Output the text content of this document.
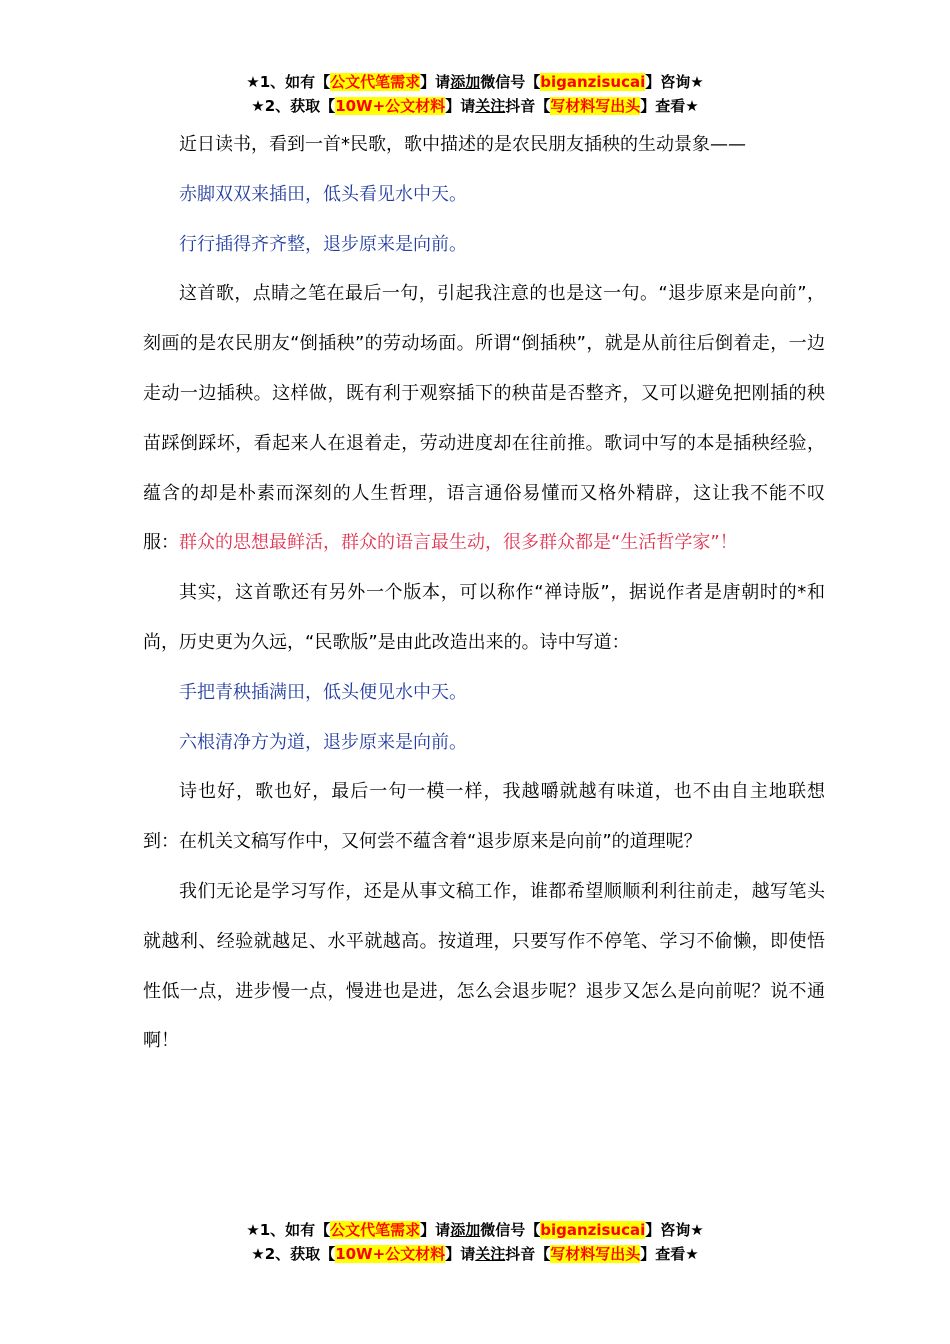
★1、如有【公文代笔需求】请添加微信号【biganzisucai】咨询★
★2、获取【10W+公文材料】请关注抖音【写材料写出头】查看★

近日读书，看到一首*民歌，歌中描述的是农民朋友插秧的生动景象——

赤脚双双来插田，低头看见水中天。

行行插得齐齐整，退步原来是向前。

这首歌，点睛之笔在最后一句，引起我注意的也是这一句。“退步原来是向前”，刻画的是农民朋友“倒插秧”的劳动场面。所谓“倒插秧”，就是从前往后倒着走，一边走动一边插秧。这样做，既有利于观察插下的秧苗是否整齐，又可以避免把刚插的秧苗踩倒踩坏，看起来人在退着走，劳动进度却在往前推。歌词中写的本是插秧经验，蕴含的却是朴素而深刻的人生哲理，语言通俗易懂而又格外精辟，这让我不能不叹服：群众的思想最鲜活，群众的语言最生动，很多群众都是“生活哲学家”！

其实，这首歌还有另外一个版本，可以称作“禅诗版”，据说作者是唐朝时的*和尚，历史更为久远，“民歌版”是由此改造出来的。诗中写道：

手把青秧插满田，低头便见水中天。

六根清净方为道，退步原来是向前。

诗也好，歌也好，最后一句一模一样，我越嚼就越有味道，也不由自主地联想到：在机关文稿写作中，又何尝不蕴含着“退步原来是向前”的道理呢？

我们无论是学习写作，还是从事文稿工作，谁都希望顺顺利利往前走，越写笔头就越利、经验就越足、水平就越高。按道理，只要写作不停笔、学习不偷懒，即使悟性低一点，进步慢一点，慢进也是进，怎么会退步呢？退步又怎么是向前呢？说不通啊！

★1、如有【公文代笔需求】请添加微信号【biganzisucai】咨询★
★2、获取【10W+公文材料】请关注抖音【写材料写出头】查看★
